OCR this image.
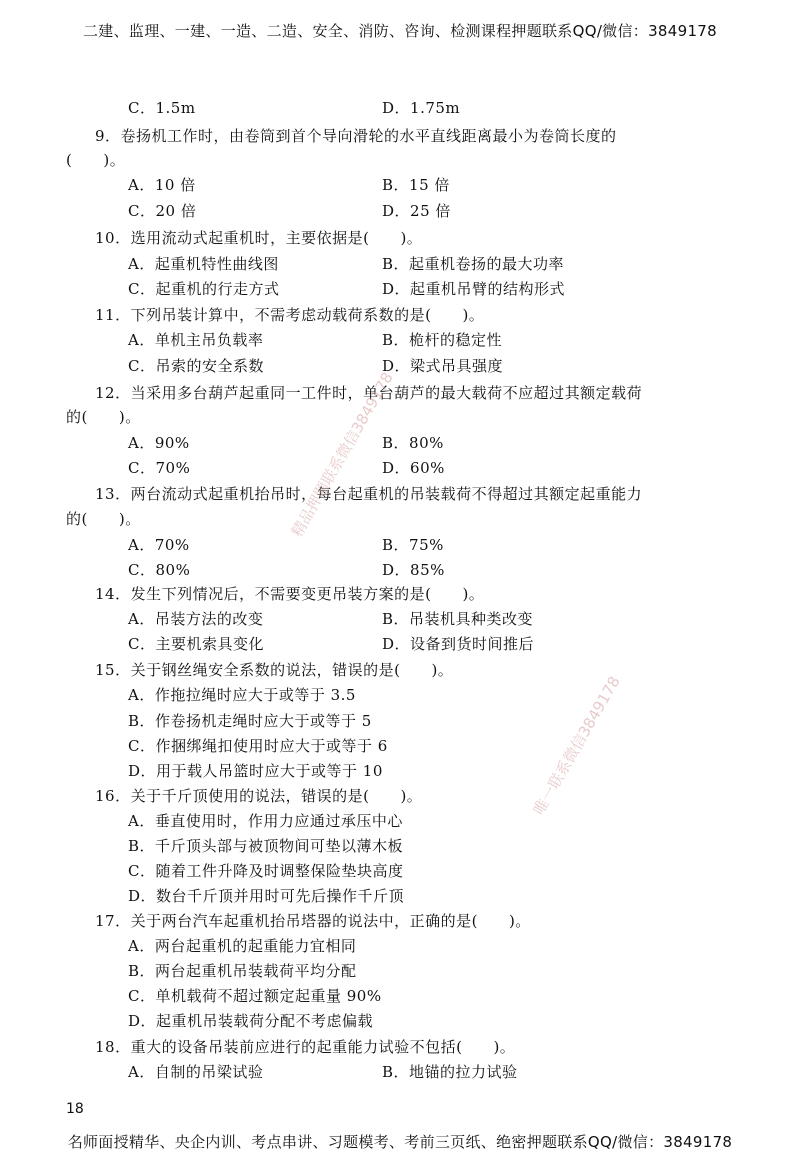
二建、监理、一建、一造、二造、安全、消防、咨询、检测课程押题联系QQ/微信：3849178
C．1.5m	D．1.75m
9．卷扬机工作时，由卷筒到首个导向滑轮的水平直线距离最小为卷筒长度的
(　　)。
A．10 倍	B．15 倍
C．20 倍	D．25 倍
10．选用流动式起重机时，主要依据是(　　)。
A．起重机特性曲线图	B．起重机卷扬的最大功率
C．起重机的行走方式	D．起重机吊臂的结构形式
11．下列吊装计算中，不需考虑动载荷系数的是(　　)。
A．单机主吊负载率	B．桅杆的稳定性
C．吊索的安全系数	D．梁式吊具强度
12．当采用多台葫芦起重同一工件时，单台葫芦的最大载荷不应超过其额定载荷
的(　　)。
A．90%	B．80%
C．70%	D．60%
13．两台流动式起重机抬吊时，每台起重机的吊装载荷不得超过其额定起重能力
的(　　)。
A．70%	B．75%
C．80%	D．85%
14．发生下列情况后，不需要变更吊装方案的是(　　)。
A．吊装方法的改变	B．吊装机具种类改变
C．主要机索具变化	D．设备到货时间推后
15．关于钢丝绳安全系数的说法，错误的是(　　)。
A．作拖拉绳时应大于或等于 3.5
B．作卷扬机走绳时应大于或等于 5
C．作捆绑绳扣使用时应大于或等于 6
D．用于载人吊篮时应大于或等于 10
16．关于千斤顶使用的说法，错误的是(　　)。
A．垂直使用时，作用力应通过承压中心
B．千斤顶头部与被顶物间可垫以薄木板
C．随着工件升降及时调整保险垫块高度
D．数台千斤顶并用时可先后操作千斤顶
17．关于两台汽车起重机抬吊塔器的说法中，正确的是(　　)。
A．两台起重机的起重能力宜相同
B．两台起重机吊装载荷平均分配
C．单机载荷不超过额定起重量 90%
D．起重机吊装载荷分配不考虑偏载
18．重大的设备吊装前应进行的起重能力试验不包括(　　)。
A．自制的吊梁试验	B．地锚的拉力试验
精品押题联系微信3849178
唯一联系微信3849178
18
名师面授精华、央企内训、考点串讲、习题模考、考前三页纸、绝密押题联系QQ/微信：3849178
